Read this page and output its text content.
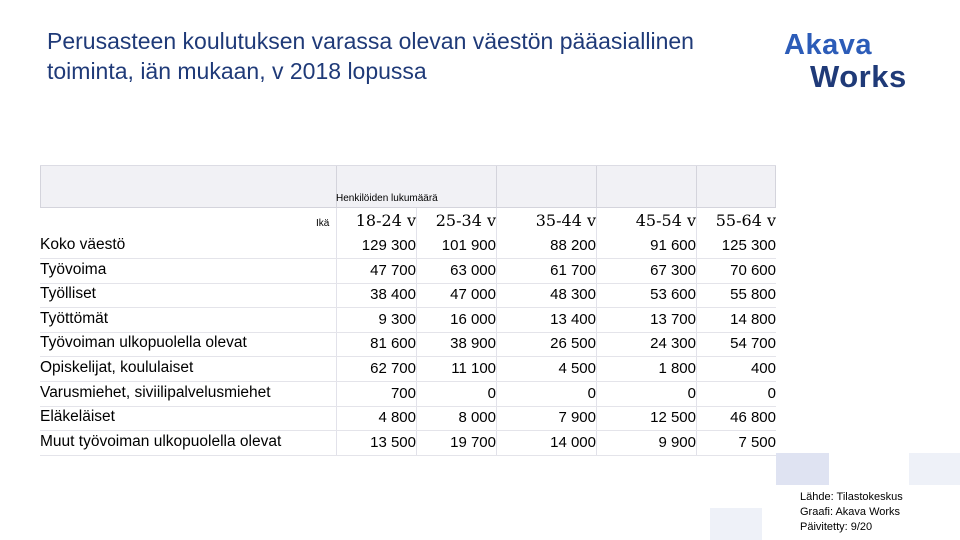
Perusasteen koulutuksen varassa olevan väestön pääasiallinen toiminta, iän mukaan, v 2018 lopussa
Akava
Works
Henkilöiden lukumäärä
Ikä	18-24 v	25-34 v	35-44 v	45-54 v	55-64 v
Koko väestö	129 300	101 900	88 200	91 600	125 300
Työvoima	47 700	63 000	61 700	67 300	70 600
Työlliset	38 400	47 000	48 300	53 600	55 800
Työttömät	9 300	16 000	13 400	13 700	14 800
Työvoiman ulkopuolella olevat	81 600	38 900	26 500	24 300	54 700
Opiskelijat, koululaiset	62 700	11 100	4 500	1 800	400
Varusmiehet, siviilipalvelusmiehet	700	0	0	0	0
Eläkeläiset	4 800	8 000	7 900	12 500	46 800
Muut työvoiman ulkopuolella olevat	13 500	19 700	14 000	9 900	7 500
Lähde: Tilastokeskus
Graafi: Akava Works
Päivitetty: 9/20
